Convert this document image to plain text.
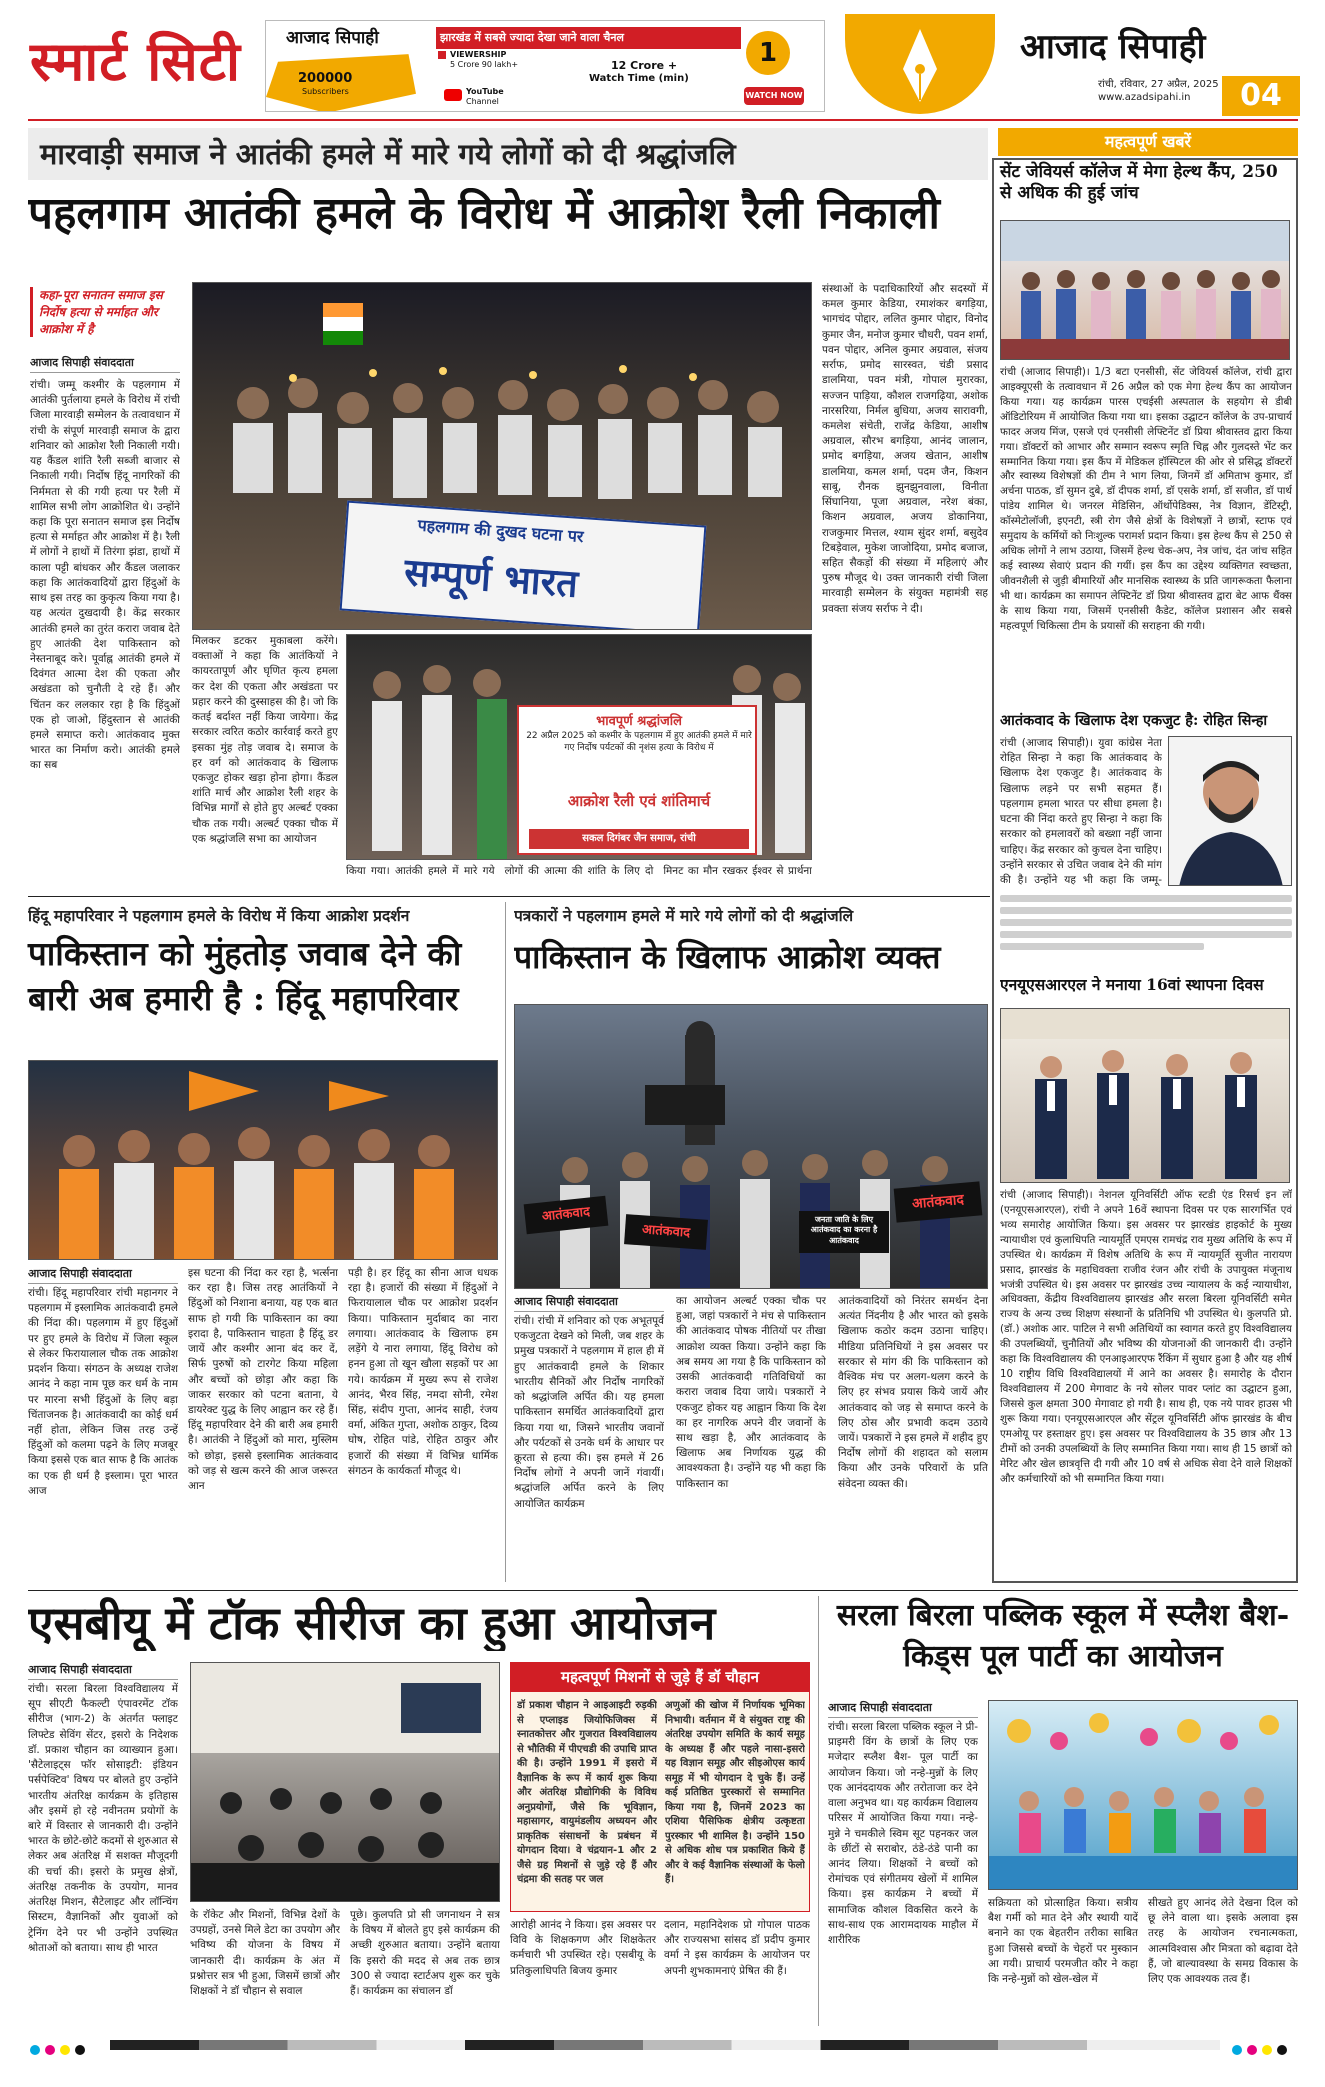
स्मार्ट सिटी	आजाद सिपाही
200000
Subscribers
झारखंड में सबसे ज्यादा देखा जाने वाला चैनल
VIEWERSHIP
5 Crore 90 lakh+	12 Crore +
Watch Time (min)
YouTube
Channel
1
WATCH NOW
आजाद सिपाही
रांची, रविवार, 27 अप्रैल, 2025
www.azadsipahi.in	04
मारवाड़ी समाज ने आतंकी हमले में मारे गये लोगों को दी श्रद्धांजलि
पहलगाम आतंकी हमले के विरोध में आक्रोश रैली निकाली
कहा-पूरा सनातन समाज इस निर्दोष हत्या से मर्माहत और आक्रोश में है
आजाद सिपाही संवाददाता
रांची। जम्मू कश्मीर के पहलगाम में आतंकी पुर्तलाया हमले के विरोध में रांची जिला मारवाड़ी सम्मेलन के तत्वावधान में रांची के संपूर्ण मारवाड़ी समाज के द्वारा शनिवार को आक्रोश रैली निकाली गयी। यह कैंडल शांति रैली सब्जी बाजार से निकाली गयी। निर्दोष हिंदू नागरिकों की निर्ममता से की गयी हत्या पर रैली में शामिल सभी लोग आक्रोशित थे। उन्होंने कहा कि पूरा सनातन समाज इस निर्दोष हत्या से मर्माहत और आक्रोश में है। रैली में लोगों ने हाथों में तिरंगा झंडा, हाथों में काला पट्टी बांधकर और कैंडल जलाकर कहा कि आतंकवादियों द्वारा हिंदुओं के साथ इस तरह का कुकृत्य किया गया है। यह अत्यंत दुखदायी है। केंद्र सरकार आतंकी हमले का तुरंत करारा जवाब देते हुए आतंकी देश पाकिस्तान को नेस्तनाबूद करे। पूर्वाह्न आतंकी हमले में दिवंगत आत्मा देश की एकता और अखंडता को चुनौती दे रहे हैं। और चिंतन कर ललकार रहा है कि हिंदुओं एक हो जाओ, हिंदुस्तान से आतंकी हमले समाप्त करो। आतंकवाद मुक्त भारत का निर्माण करो। आतंकी हमले का सब
पहलगाम की दुखद घटना पर
सम्पूर्ण भारत
भावपूर्ण श्रद्धांजलि
22 अप्रैल 2025 को कश्मीर के पहलगाम में हुए आतंकी हमले में मारे गए निर्दोष पर्यटकों की नृशंस हत्या के विरोध में
आक्रोश रैली एवं शांतिमार्च
सकल दिगंबर जैन समाज, रांची
मिलकर डटकर मुकाबला करेंगे। वक्ताओं ने कहा कि आतंकियों ने कायरतापूर्ण और घृणित कृत्य हमला कर देश की एकता और अखंडता पर प्रहार करने की दुस्साहस की है। जो कि कतई बर्दाश्त नहीं किया जायेगा। केंद्र सरकार त्वरित कठोर कार्रवाई करते हुए इसका मुंह तोड़ जवाब दे। समाज के हर वर्ग को आतंकवाद के खिलाफ एकजुट होकर खड़ा होना होगा। कैंडल शांति मार्च और आक्रोश रैली शहर के विभिन्न मार्गों से होते हुए अल्बर्ट एक्का चौक तक गयी। अल्बर्ट एक्का चौक में एक श्रद्धांजलि सभा का आयोजन
किया गया। आतंकी हमले में मारे गये लोगों की आत्मा की शांति के लिए दो मिनट का मौन रखकर ईश्वर से प्रार्थना
संस्थाओं के पदाधिकारियों और सदस्यों में कमल कुमार केडिया, रमाशंकर बगड़िया, भागचंद पोद्दार, ललित कुमार पोद्दार, विनोद कुमार जैन, मनोज कुमार चौधरी, पवन शर्मा, पवन पोद्दार, अनिल कुमार अग्रवाल, संजय सर्राफ, प्रमोद सारस्वत, चंडी प्रसाद डालमिया, पवन मंत्री, गोपाल मुरारका, सज्जन पाड़िया, कौशल राजगढ़िया, अशोक नारसरिया, निर्मल बुधिया, अजय सारावगी, कमलेश संचेती, राजेंद्र केडिया, आशीष अग्रवाल, सौरभ बगड़िया, आनंद जालान, प्रमोद बगड़िया, अजय खेतान, आशीष डालमिया, कमल शर्मा, पदम जैन, किशन साबू, रौनक झुनझुनवाला, विनीता सिंघानिया, पूजा अग्रवाल, नरेश बंका, किशन अग्रवाल, अजय डोकानिया, राजकुमार मित्तल, श्याम सुंदर शर्मा, बसुदेव टिबड़ेवाल, मुकेश जाजोदिया, प्रमोद बजाज, सहित सैकड़ों की संख्या में महिलाएं और पुरुष मौजूद थे। उक्त जानकारी रांची जिला मारवाड़ी सम्मेलन के संयुक्त महामंत्री सह प्रवक्ता संजय सर्राफ ने दी।
महत्वपूर्ण खबरें
सेंट जेवियर्स कॉलेज में मेगा हेल्थ कैंप, 250 से अधिक की हुई जांच
रांची (आजाद सिपाही)। 1/3 बटा एनसीसी, सेंट जेवियर्स कॉलेज, रांची द्वारा आइक्यूएसी के तत्वावधान में 26 अप्रैल को एक मेगा हेल्थ कैंप का आयोजन किया गया। यह कार्यक्रम पारस एचईसी अस्पताल के सहयोग से डीबी ऑडिटोरियम में आयोजित किया गया था। इसका उद्घाटन कॉलेज के उप-प्राचार्य फादर अजय मिंज, एसजे एवं एनसीसी लेफ्टिनेंट डॉ प्रिया श्रीवास्तव द्वारा किया गया। डॉक्टरों को आभार और सम्मान स्वरूप स्मृति चिह्न और गुलदस्ते भेंट कर सम्मानित किया गया। इस कैंप में मेडिकल हॉस्पिटल की ओर से प्रसिद्ध डॉक्टरों और स्वास्थ्य विशेषज्ञों की टीम ने भाग लिया, जिनमें डॉ अमिताभ कुमार, डॉ अर्चना पाठक, डॉ सुमन दुबे, डॉ दीपक शर्मा, डॉ एसके शर्मा, डॉ सजीत, डॉ पार्थ पांडेय शामिल थे। जनरल मेडिसिन, ऑर्थोपेडिक्स, नेत्र विज्ञान, डेंटिस्ट्री, कॉस्मेटोलॉजी, इएनटी, स्त्री रोग जैसे क्षेत्रों के विशेषज्ञों ने छात्रों, स्टाफ एवं समुदाय के कर्मियों को निःशुल्क परामर्श प्रदान किया। इस हेल्थ कैंप से 250 से अधिक लोगों ने लाभ उठाया, जिसमें हेल्थ चेक-अप, नेत्र जांच, दंत जांच सहित कई स्वास्थ्य सेवाएं प्रदान की गयीं। इस कैंप का उद्देश्य व्यक्तिगत स्वच्छता, जीवनशैली से जुड़ी बीमारियों और मानसिक स्वास्थ्य के प्रति जागरूकता फैलाना भी था। कार्यक्रम का समापन लेफ्टिनेंट डॉ प्रिया श्रीवास्तव द्वारा बेट आफ थैंक्स के साथ किया गया, जिसमें एनसीसी कैडेट, कॉलेज प्रशासन और सबसे महत्वपूर्ण चिकित्सा टीम के प्रयासों की सराहना की गयी।
आतंकवाद के खिलाफ देश एकजुट है: रोहित सिन्हा
रांची (आजाद सिपाही)। युवा कांग्रेस नेता रोहित सिन्हा ने कहा कि आतंकवाद के खिलाफ देश एकजुट है। आतंकवाद के खिलाफ लड़ने पर सभी सहमत हैं। पहलगाम हमला भारत पर सीधा हमला है। घटना की निंदा करते हुए सिन्हा ने कहा कि सरकार को हमलावरों को बख्शा नहीं जाना चाहिए। केंद्र सरकार को कुचल देना चाहिए। उन्होंने सरकार से उचित जवाब देने की मांग की है। उन्होंने यह भी कहा कि जम्मू-
एनयूएसआरएल ने मनाया 16वां स्थापना दिवस
रांची (आजाद सिपाही)। नेशनल यूनिवर्सिटी ऑफ स्टडी एंड रिसर्च इन लॉ (एनयूएसआरएल), रांची ने अपने 16वें स्थापना दिवस पर एक सारगर्भित एवं भव्य समारोह आयोजित किया। इस अवसर पर झारखंड हाइकोर्ट के मुख्य न्यायाधीश एवं कुलाधिपति न्यायमूर्ति एमएस रामचंद्र राव मुख्य अतिथि के रूप में उपस्थित थे। कार्यक्रम में विशेष अतिथि के रूप में न्यायमूर्ति सुजीत नारायण प्रसाद, झारखंड के महाधिवक्ता राजीव रंजन और रांची के उपायुक्त मंजूनाथ भजंत्री उपस्थित थे। इस अवसर पर झारखंड उच्च न्यायालय के कई न्यायाधीश, अधिवक्ता, केंद्रीय विश्वविद्यालय झारखंड और सरला बिरला यूनिवर्सिटी समेत राज्य के अन्य उच्च शिक्षण संस्थानों के प्रतिनिधि भी उपस्थित थे। कुलपति प्रो. (डॉ.) अशोक आर. पाटिल ने सभी अतिथियों का स्वागत करते हुए विश्वविद्यालय की उपलब्धियों, चुनौतियों और भविष्य की योजनाओं की जानकारी दी। उन्होंने कहा कि विश्वविद्यालय की एनआइआरएफ रैंकिंग में सुधार हुआ है और यह शीर्ष 10 राष्ट्रीय विधि विश्वविद्यालयों में आने का अवसर है। समारोह के दौरान विश्वविद्यालय में 200 मेगावाट के नये सोलर पावर प्लांट का उद्घाटन हुआ, जिससे कुल क्षमता 300 मेगावाट हो गयी है। साथ ही, एक नये पावर हाउस भी शुरू किया गया। एनयूएसआरएल और सेंट्रल यूनिवर्सिटी ऑफ झारखंड के बीच एमओयू पर हस्ताक्षर हुए। इस अवसर पर विश्वविद्यालय के 35 छात्र और 13 टीमों को उनकी उपलब्धियों के लिए सम्मानित किया गया। साथ ही 15 छात्रों को मेरिट और खेल छात्रवृत्ति दी गयी और 10 वर्ष से अधिक सेवा देने वाले शिक्षकों और कर्मचारियों को भी सम्मानित किया गया।
हिंदू महापरिवार ने पहलगाम हमले के विरोध में किया आक्रोश प्रदर्शन
पाकिस्तान को मुंहतोड़ जवाब देने की बारी अब हमारी है : हिंदू महापरिवार
आजाद सिपाही संवाददाता
रांची। हिंदू महापरिवार रांची महानगर ने पहलगाम में इस्लामिक आतंकवादी हमले की निंदा की। पहलगाम में हुए हिंदुओं पर हुए हमले के विरोध में जिला स्कूल से लेकर फिरायालाल चौक तक आक्रोश प्रदर्शन किया। संगठन के अध्यक्ष राजेश आनंद ने कहा नाम पूछ कर धर्म के नाम पर मारना सभी हिंदुओं के लिए बड़ा चिंताजनक है। आतंकवादी का कोई धर्म नहीं होता, लेकिन जिस तरह उन्हें हिंदुओं को कलमा पढ़ने के लिए मजबूर किया इससे एक बात साफ है कि आतंक का एक ही धर्म है इस्लाम। पूरा भारत आज
इस घटना की निंदा कर रहा है, भर्त्सना कर रहा है। जिस तरह आतंकियों ने हिंदुओं को निशाना बनाया, यह एक बात साफ हो गयी कि पाकिस्तान का क्या इरादा है, पाकिस्तान चाहता है हिंदू डर जायें और कश्मीर आना बंद कर दें, सिर्फ पुरुषों को टारगेट किया महिला और बच्चों को छोड़ा और कहा कि जाकर सरकार को पटना बताना, ये डायरेक्ट युद्ध के लिए आह्वान कर रहे हैं। हिंदू महापरिवार देने की बारी अब हमारी है। आतंकी ने हिंदुओं को मारा, मुस्लिम को छोड़ा, इससे इस्लामिक आतंकवाद को जड़ से खत्म करने की आज जरूरत आन
पड़ी है। हर हिंदू का सीना आज धधक रहा है। हजारों की संख्या में हिंदुओं ने फिरायालाल चौक पर आक्रोश प्रदर्शन किया। पाकिस्तान मुर्दाबाद का नारा लगाया। आतंकवाद के खिलाफ हम लड़ेंगे ये नारा लगाया, हिंदू विरोध को हनन हुआ तो खून खौला सड़कों पर आ गये। कार्यक्रम में मुख्य रूप से राजेश आनंद, भैरव सिंह, नमदा सोनी, रमेश सिंह, संदीप गुप्ता, आनंद साही, रंजय वर्मा, अंकित गुप्ता, अशोक ठाकुर, दिव्य घोष, रोहित पांडे, रोहित ठाकुर और हजारों की संख्या में विभिन्न धार्मिक संगठन के कार्यकर्ता मौजूद थे।
पत्रकारों ने पहलगाम हमले में मारे गये लोगों को दी श्रद्धांजलि
पाकिस्तान के खिलाफ आक्रोश व्यक्त
आतंकवाद
आतंकवाद
आतंकवाद
जनता जाति के लिए आतंकवाद का करना है आतंकवाद
आजाद सिपाही संवाददाता
रांची। रांची में शनिवार को एक अभूतपूर्व एकजुटता देखने को मिली, जब शहर के प्रमुख पत्रकारों ने पहलगाम में हाल ही में हुए आतंकवादी हमले के शिकार भारतीय सैनिकों और निर्दोष नागरिकों को श्रद्धांजलि अर्पित की। यह हमला पाकिस्तान समर्थित आतंकवादियों द्वारा किया गया था, जिसने भारतीय जवानों और पर्यटकों से उनके धर्म के आधार पर क्रूरता से हत्या की। इस हमले में 26 निर्दोष लोगों ने अपनी जानें गंवायीं। श्रद्धांजलि अर्पित करने के लिए आयोजित कार्यक्रम
का आयोजन अल्बर्ट एक्का चौक पर हुआ, जहां पत्रकारों ने मंच से पाकिस्तान की आतंकवाद पोषक नीतियों पर तीखा आक्रोश व्यक्त किया। उन्होंने कहा कि अब समय आ गया है कि पाकिस्तान को उसकी आतंकवादी गतिविधियों का करारा जवाब दिया जाये। पत्रकारों ने एकजुट होकर यह आह्वान किया कि देश का हर नागरिक अपने वीर जवानों के साथ खड़ा है, और आतंकवाद के खिलाफ अब निर्णायक युद्ध की आवश्यकता है। उन्होंने यह भी कहा कि पाकिस्तान का
आतंकवादियों को निरंतर समर्थन देना अत्यंत निंदनीय है और भारत को इसके खिलाफ कठोर कदम उठाना चाहिए। मीडिया प्रतिनिधियों ने इस अवसर पर सरकार से मांग की कि पाकिस्तान को वैश्विक मंच पर अलग-थलग करने के लिए हर संभव प्रयास किये जायें और आतंकवाद को जड़ से समाप्त करने के लिए ठोस और प्रभावी कदम उठाये जायें। पत्रकारों ने इस हमले में शहीद हुए निर्दोष लोगों की शहादत को सलाम किया और उनके परिवारों के प्रति संवेदना व्यक्त की।
एसबीयू में टॉक सीरीज का हुआ आयोजन
आजाद सिपाही संवाददाता
रांची। सरला बिरला विश्वविद्यालय में सूप सीएटी फैकल्टी एंपावरमेंट टॉक सीरीज (भाग-2) के अंतर्गत फ्लाइट लिफ्टेड सेविंग सेंटर, इसरो के निदेशक डॉ. प्रकाश चौहान का व्याख्यान हुआ। 'सैटेलाइट्स फॉर सोसाइटी: इंडियन पर्सपेक्टिव' विषय पर बोलते हुए उन्होंने भारतीय अंतरिक्ष कार्यक्रम के इतिहास और इसमें हो रहे नवीनतम प्रयोगों के बारे में विस्तार से जानकारी दी। उन्होंने भारत के छोटे-छोटे कदमों से शुरुआत से लेकर अब अंतरिक्ष में सशक्त मौजूदगी की चर्चा की। इसरो के प्रमुख क्षेत्रों, अंतरिक्ष तकनीक के उपयोग, मानव अंतरिक्ष मिशन, सैटेलाइट और लॉन्चिंग सिस्टम, वैज्ञानिकों और युवाओं को ट्रेनिंग देने पर भी उन्होंने उपस्थित श्रोताओं को बताया। साथ ही भारत
के रॉकेट और मिशनों, विभिन्न देशों के उपग्रहों, उनसे मिले डेटा का उपयोग और भविष्य की योजना के विषय में जानकारी दी। कार्यक्रम के अंत में प्रश्नोत्तर सत्र भी हुआ, जिसमें छात्रों और शिक्षकों ने डॉ चौहान से सवाल
पूछे। कुलपति प्रो सी जगनाथन ने सत्र के विषय में बोलते हुए इसे कार्यक्रम की अच्छी शुरुआत बताया। उन्होंने बताया कि इसरो की मदद से अब तक छात्र 300 से ज्यादा स्टार्टअप शुरू कर चुके हैं। कार्यक्रम का संचालन डॉ
महत्वपूर्ण मिशनों से जुड़े हैं डॉ चौहान
डॉ प्रकाश चौहान ने आइआइटी रुड़की से एप्लाइड जियोफिजिक्स में स्नातकोत्तर और गुजरात विश्वविद्यालय से भौतिकी में पीएचडी की उपाधि प्राप्त की है। उन्होंने 1991 में इसरो में वैज्ञानिक के रूप में कार्य शुरू किया और अंतरिक्ष प्रौद्योगिकी के विविध अनुप्रयोगों, जैसे कि भूविज्ञान, महासागर, वायुमंडलीय अध्ययन और प्राकृतिक संसाधनों के प्रबंधन में योगदान दिया। वे चंद्रयान-1 और 2 जैसे ग्रह मिशनों से जुड़े रहे हैं और चंद्रमा की सतह पर जल
अणुओं की खोज में निर्णायक भूमिका निभायी। वर्तमान में वे संयुक्त राष्ट्र की अंतरिक्ष उपयोग समिति के कार्य समूह के अध्यक्ष हैं और पहले नासा-इसरो यह विज्ञान समूह और सीइओएस कार्य समूह में भी योगदान दे चुके हैं। उन्हें कई प्रतिष्ठित पुरस्कारों से सम्मानित किया गया है, जिनमें 2023 का एशिया पैसिफिक क्षेत्रीय उत्कृष्टता पुरस्कार भी शामिल है। उन्होंने 150 से अधिक शोध पत्र प्रकाशित किये हैं और वे कई वैज्ञानिक संस्थाओं के फेलो हैं।
आरोही आनंद ने किया। इस अवसर पर विवि के शिक्षकगण और शिक्षकेतर कर्मचारी भी उपस्थित रहे। एसबीयू के प्रतिकुलाधिपति बिजय कुमार
दलान, महानिदेशक प्रो गोपाल पाठक और राज्यसभा सांसद डॉ प्रदीप कुमार वर्मा ने इस कार्यक्रम के आयोजन पर अपनी शुभकामनाएं प्रेषित की हैं।
सरला बिरला पब्लिक स्कूल में स्प्लैश बैश-किड्स पूल पार्टी का आयोजन
आजाद सिपाही संवाददाता
रांची। सरला बिरला पब्लिक स्कूल ने प्री-प्राइमरी विंग के छात्रों के लिए एक मजेदार स्प्लैश बैश- पूल पार्टी का आयोजन किया। जो नन्हे-मुन्नों के लिए एक आनंददायक और तरोताजा कर देने वाला अनुभव था। यह कार्यक्रम विद्यालय परिसर में आयोजित किया गया। नन्हे-मुन्ने ने चमकीले स्विम सूट पहनकर जल के छींटों से सराबोर, ठंडे-ठंडे पानी का आनंद लिया। शिक्षकों ने बच्चों को रोमांचक एवं संगीतमय खेलों में शामिल किया। इस कार्यक्रम ने बच्चों में सामाजिक कौशल विकसित करने के साथ-साथ एक आरामदायक माहौल में शारीरिक
सक्रियता को प्रोत्साहित किया। सत्रीय बैश गर्मी को मात देने और स्थायी यादें बनाने का एक बेहतरीन तरीका साबित हुआ जिससे बच्चों के चेहरों पर मुस्कान आ गयी। प्राचार्य परमजीत कौर ने कहा कि नन्हे-मुन्नों को खेल-खेल में
सीखते हुए आनंद लेते देखना दिल को छू लेने वाला था। इसके अलावा इस तरह के आयोजन रचनात्मकता, आत्मविश्वास और मित्रता को बढ़ावा देते हैं, जो बाल्यावस्था के समग्र विकास के लिए एक आवश्यक तत्व हैं।
